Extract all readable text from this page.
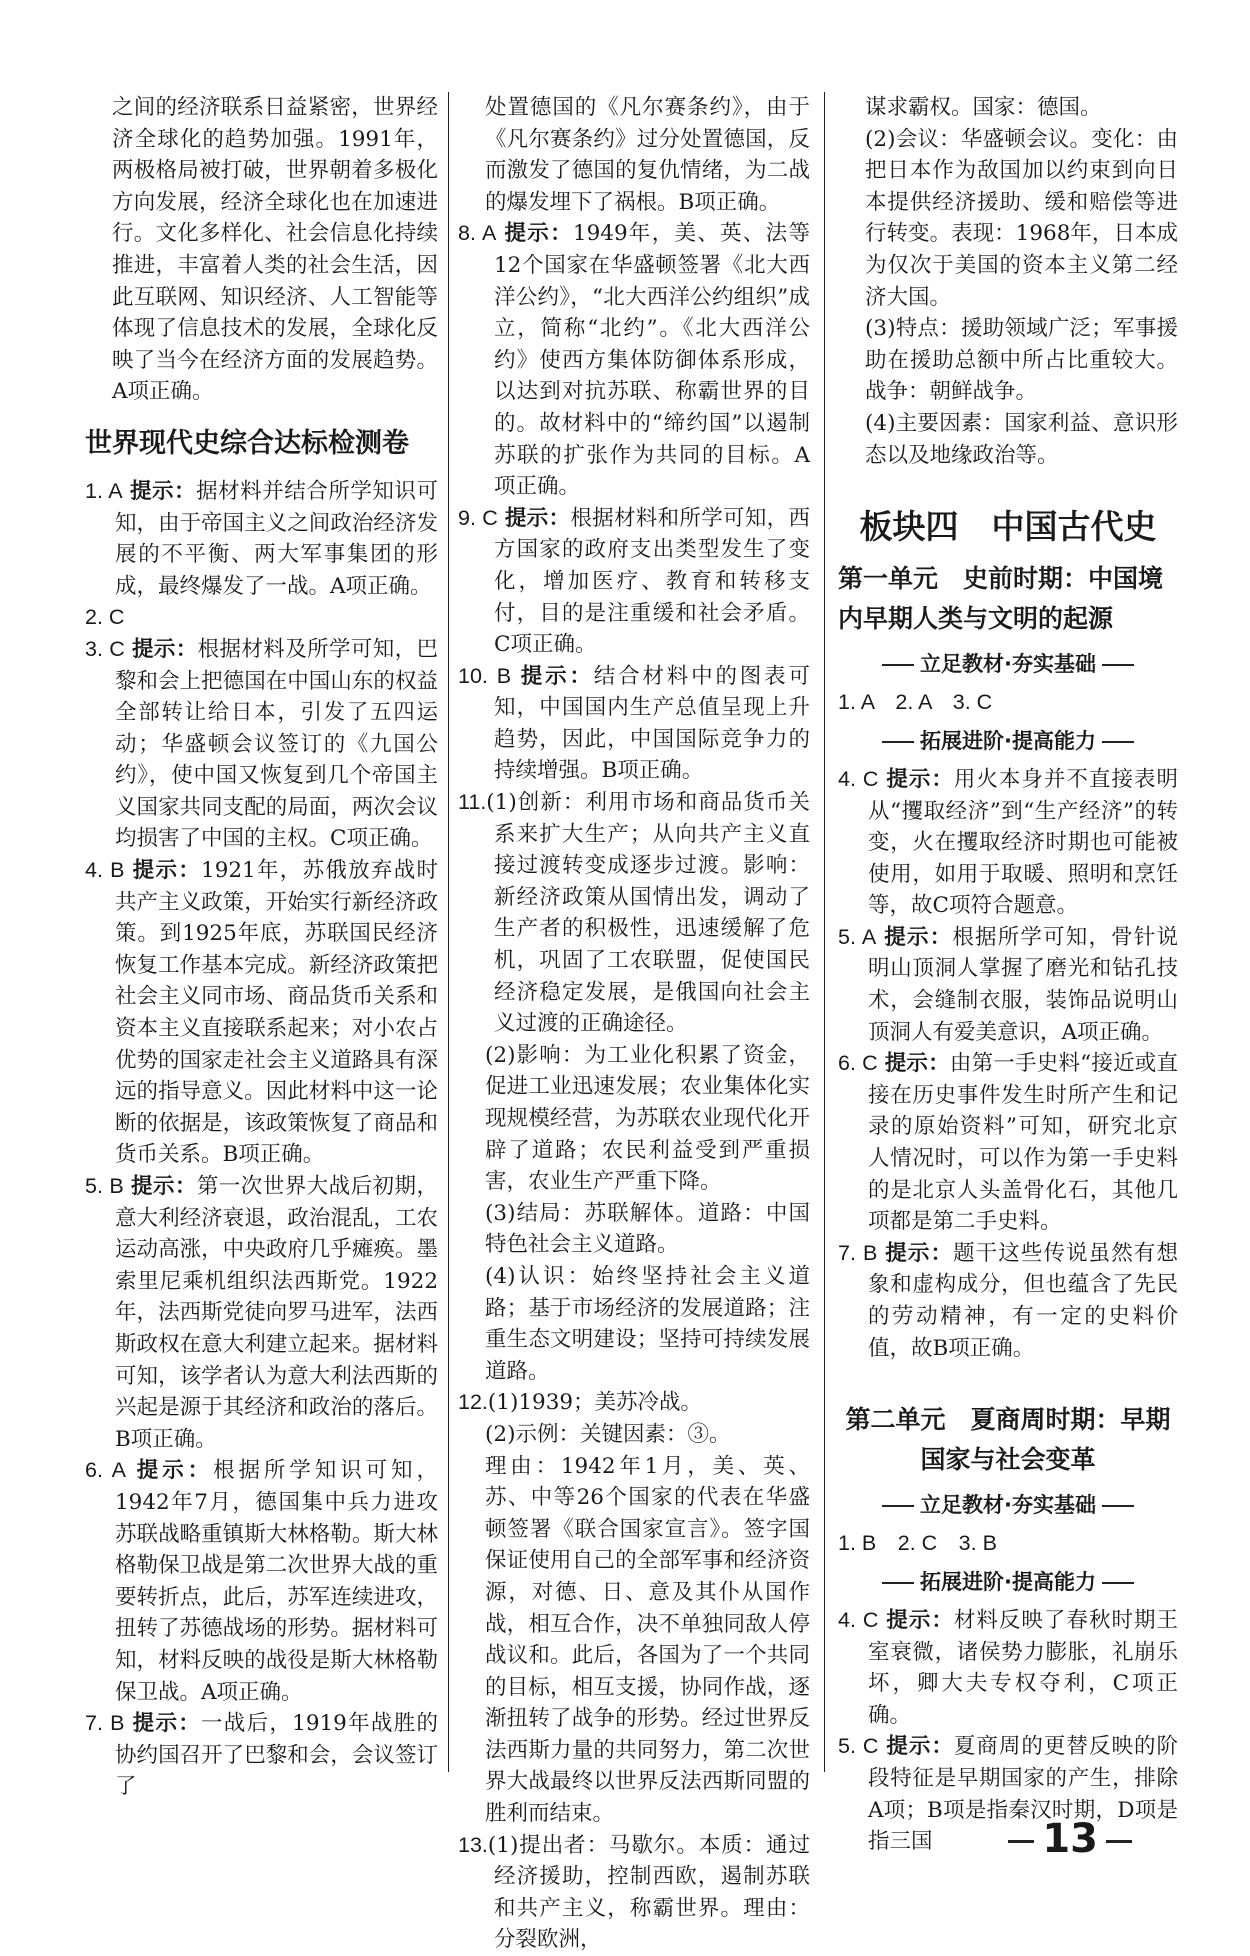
之间的经济联系日益紧密，世界经济全球化的趋势加强。1991年，两极格局被打破，世界朝着多极化方向发展，经济全球化也在加速进行。文化多样化、社会信息化持续推进，丰富着人类的社会生活，因此互联网、知识经济、人工智能等体现了信息技术的发展，全球化反映了当今在经济方面的发展趋势。A项正确。

世界现代史综合达标检测卷

1. A 提示：据材料并结合所学知识可知，由于帝国主义之间政治经济发展的不平衡、两大军事集团的形成，最终爆发了一战。A项正确。

2. C

3. C 提示：根据材料及所学可知，巴黎和会上把德国在中国山东的权益全部转让给日本，引发了五四运动；华盛顿会议签订的《九国公约》，使中国又恢复到几个帝国主义国家共同支配的局面，两次会议均损害了中国的主权。C项正确。

4. B 提示：1921年，苏俄放弃战时共产主义政策，开始实行新经济政策。到1925年底，苏联国民经济恢复工作基本完成。新经济政策把社会主义同市场、商品货币关系和资本主义直接联系起来；对小农占优势的国家走社会主义道路具有深远的指导意义。因此材料中这一论断的依据是，该政策恢复了商品和货币关系。B项正确。

5. B 提示：第一次世界大战后初期，意大利经济衰退，政治混乱，工农运动高涨，中央政府几乎瘫痪。墨索里尼乘机组织法西斯党。1922年，法西斯党徒向罗马进军，法西斯政权在意大利建立起来。据材料可知，该学者认为意大利法西斯的兴起是源于其经济和政治的落后。B项正确。

6. A 提示：根据所学知识可知，1942年7月，德国集中兵力进攻苏联战略重镇斯大林格勒。斯大林格勒保卫战是第二次世界大战的重要转折点，此后，苏军连续进攻，扭转了苏德战场的形势。据材料可知，材料反映的战役是斯大林格勒保卫战。A项正确。

7. B 提示：一战后，1919年战胜的协约国召开了巴黎和会，会议签订了

处置德国的《凡尔赛条约》，由于《凡尔赛条约》过分处置德国，反而激发了德国的复仇情绪，为二战的爆发埋下了祸根。B项正确。

8. A 提示：1949年，美、英、法等12个国家在华盛顿签署《北大西洋公约》，“北大西洋公约组织”成立，简称“北约”。《北大西洋公约》使西方集体防御体系形成，以达到对抗苏联、称霸世界的目的。故材料中的“缔约国”以遏制苏联的扩张作为共同的目标。A项正确。

9. C 提示：根据材料和所学可知，西方国家的政府支出类型发生了变化，增加医疗、教育和转移支付，目的是注重缓和社会矛盾。C项正确。

10. B 提示：结合材料中的图表可知，中国国内生产总值呈现上升趋势，因此，中国国际竞争力的持续增强。B项正确。

11.(1)创新：利用市场和商品货币关系来扩大生产；从向共产主义直接过渡转变成逐步过渡。影响：新经济政策从国情出发，调动了生产者的积极性，迅速缓解了危机，巩固了工农联盟，促使国民经济稳定发展，是俄国向社会主义过渡的正确途径。

(2)影响：为工业化积累了资金，促进工业迅速发展；农业集体化实现规模经营，为苏联农业现代化开辟了道路；农民利益受到严重损害，农业生产严重下降。

(3)结局：苏联解体。道路：中国特色社会主义道路。

(4)认识：始终坚持社会主义道路；基于市场经济的发展道路；注重生态文明建设；坚持可持续发展道路。

12.(1)1939；美苏冷战。

(2)示例：关键因素：③。

理由：1942年1月，美、英、苏、中等26个国家的代表在华盛顿签署《联合国家宣言》。签字国保证使用自己的全部军事和经济资源，对德、日、意及其仆从国作战，相互合作，决不单独同敌人停战议和。此后，各国为了一个共同的目标，相互支援，协同作战，逐渐扭转了战争的形势。经过世界反法西斯力量的共同努力，第二次世界大战最终以世界反法西斯同盟的胜利而结束。

13.(1)提出者：马歇尔。本质：通过经济援助，控制西欧，遏制苏联和共产主义，称霸世界。理由：分裂欧洲，

谋求霸权。国家：德国。

(2)会议：华盛顿会议。变化：由把日本作为敌国加以约束到向日本提供经济援助、缓和赔偿等进行转变。表现：1968年，日本成为仅次于美国的资本主义第二经济大国。

(3)特点：援助领域广泛；军事援助在援助总额中所占比重较大。战争：朝鲜战争。

(4)主要因素：国家利益、意识形态以及地缘政治等。

板块四　中国古代史
第一单元　史前时期：中国境内早期人类与文明的起源
立足教材·夯实基础

1. A　2. A　3. C

拓展进阶·提高能力

4. C 提示：用火本身并不直接表明从“攫取经济”到“生产经济”的转变，火在攫取经济时期也可能被使用，如用于取暖、照明和烹饪等，故C项符合题意。

5. A 提示：根据所学可知，骨针说明山顶洞人掌握了磨光和钻孔技术，会缝制衣服，装饰品说明山顶洞人有爱美意识，A项正确。

6. C 提示：由第一手史料“接近或直接在历史事件发生时所产生和记录的原始资料”可知，研究北京人情况时，可以作为第一手史料的是北京人头盖骨化石，其他几项都是第二手史料。

7. B 提示：题干这些传说虽然有想象和虚构成分，但也蕴含了先民的劳动精神，有一定的史料价值，故B项正确。

第二单元　夏商周时期：早期国家与社会变革
立足教材·夯实基础

1. B　2. C　3. B

拓展进阶·提高能力

4. C 提示：材料反映了春秋时期王室衰微，诸侯势力膨胀，礼崩乐坏，卿大夫专权夺利，C项正确。

5. C 提示：夏商周的更替反映的阶段特征是早期国家的产生，排除A项；B项是指秦汉时期，D项是指三国	13
